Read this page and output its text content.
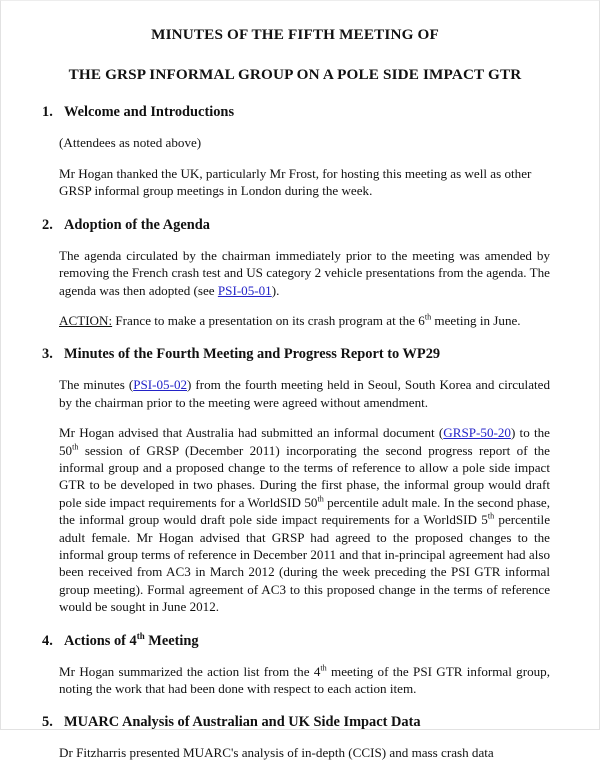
MINUTES OF THE FIFTH MEETING OF
THE GRSP INFORMAL GROUP ON A POLE SIDE IMPACT GTR
1. Welcome and Introductions
(Attendees as noted above)
Mr Hogan thanked the UK, particularly Mr Frost, for hosting this meeting as well as other GRSP informal group meetings in London during the week.
2. Adoption of the Agenda
The agenda circulated by the chairman immediately prior to the meeting was amended by removing the French crash test and US category 2 vehicle presentations from the agenda. The agenda was then adopted (see PSI-05-01).
ACTION: France to make a presentation on its crash program at the 6th meeting in June.
3. Minutes of the Fourth Meeting and Progress Report to WP29
The minutes (PSI-05-02) from the fourth meeting held in Seoul, South Korea and circulated by the chairman prior to the meeting were agreed without amendment.
Mr Hogan advised that Australia had submitted an informal document (GRSP-50-20) to the 50th session of GRSP (December 2011) incorporating the second progress report of the informal group and a proposed change to the terms of reference to allow a pole side impact GTR to be developed in two phases. During the first phase, the informal group would draft pole side impact requirements for a WorldSID 50th percentile adult male. In the second phase, the informal group would draft pole side impact requirements for a WorldSID 5th percentile adult female. Mr Hogan advised that GRSP had agreed to the proposed changes to the informal group terms of reference in December 2011 and that in-principal agreement had also been received from AC3 in March 2012 (during the week preceding the PSI GTR informal group meeting). Formal agreement of AC3 to this proposed change in the terms of reference would be sought in June 2012.
4. Actions of 4th Meeting
Mr Hogan summarized the action list from the 4th meeting of the PSI GTR informal group, noting the work that had been done with respect to each action item.
5. MUARC Analysis of Australian and UK Side Impact Data
Dr Fitzharris presented MUARC's analysis of in-depth (CCIS) and mass crash data
